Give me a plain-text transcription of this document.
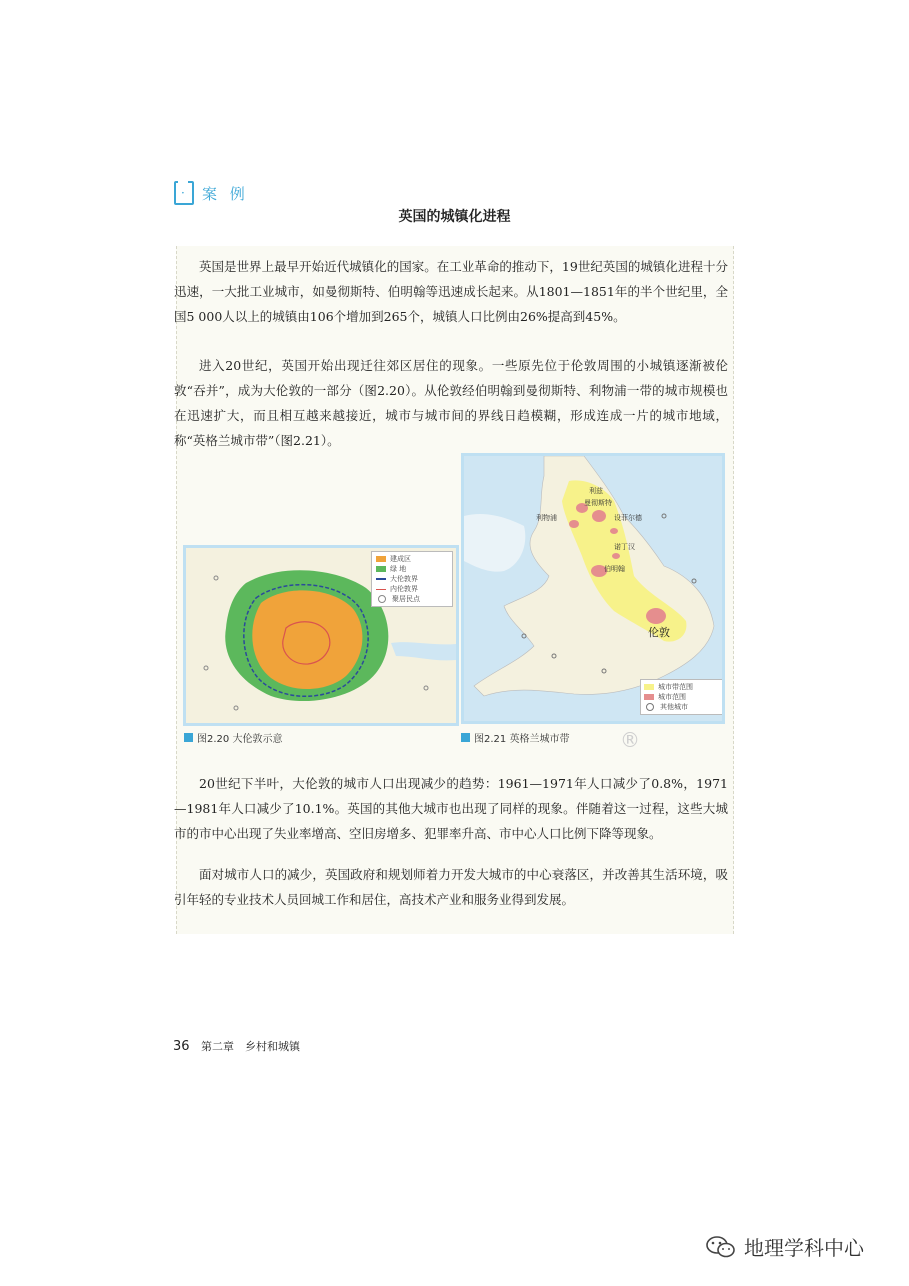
·
案 例
英国的城镇化进程

英国是世界上最早开始近代城镇化的国家。在工业革命的推动下，19世纪英国的城镇化进程十分迅速，一大批工业城市，如曼彻斯特、伯明翰等迅速成长起来。从1801—1851年的半个世纪里，全国5 000人以上的城镇由106个增加到265个，城镇人口比例由26%提高到45%。

进入20世纪，英国开始出现迁往郊区居住的现象。一些原先位于伦敦周围的小城镇逐渐被伦敦“吞并”，成为大伦敦的一部分（图2.20）。从伦敦经伯明翰到曼彻斯特、利物浦一带的城市规模也在迅速扩大，而且相互越来越接近，城市与城市间的界线日趋模糊，形成连成一片的城市地域，称“英格兰城市带”（图2.21）。

建成区
绿 地
大伦敦界
内伦敦界
聚居民点
利兹
曼彻斯特
利物浦	设菲尔德
诺丁汉
伯明翰
伦敦
城市带范围
城市范围
其他城市
图2.20 大伦敦示意	图2.21 英格兰城市带	®

20世纪下半叶，大伦敦的城市人口出现减少的趋势：1961—1971年人口减少了0.8%，1971—1981年人口减少了10.1%。英国的其他大城市也出现了同样的现象。伴随着这一过程，这些大城市的市中心出现了失业率增高、空旧房增多、犯罪率升高、市中心人口比例下降等现象。

面对城市人口的减少，英国政府和规划师着力开发大城市的中心衰落区，并改善其生活环境，吸引年轻的专业技术人员回城工作和居住，高技术产业和服务业得到发展。

36 第二章　乡村和城镇
地理学科中心
